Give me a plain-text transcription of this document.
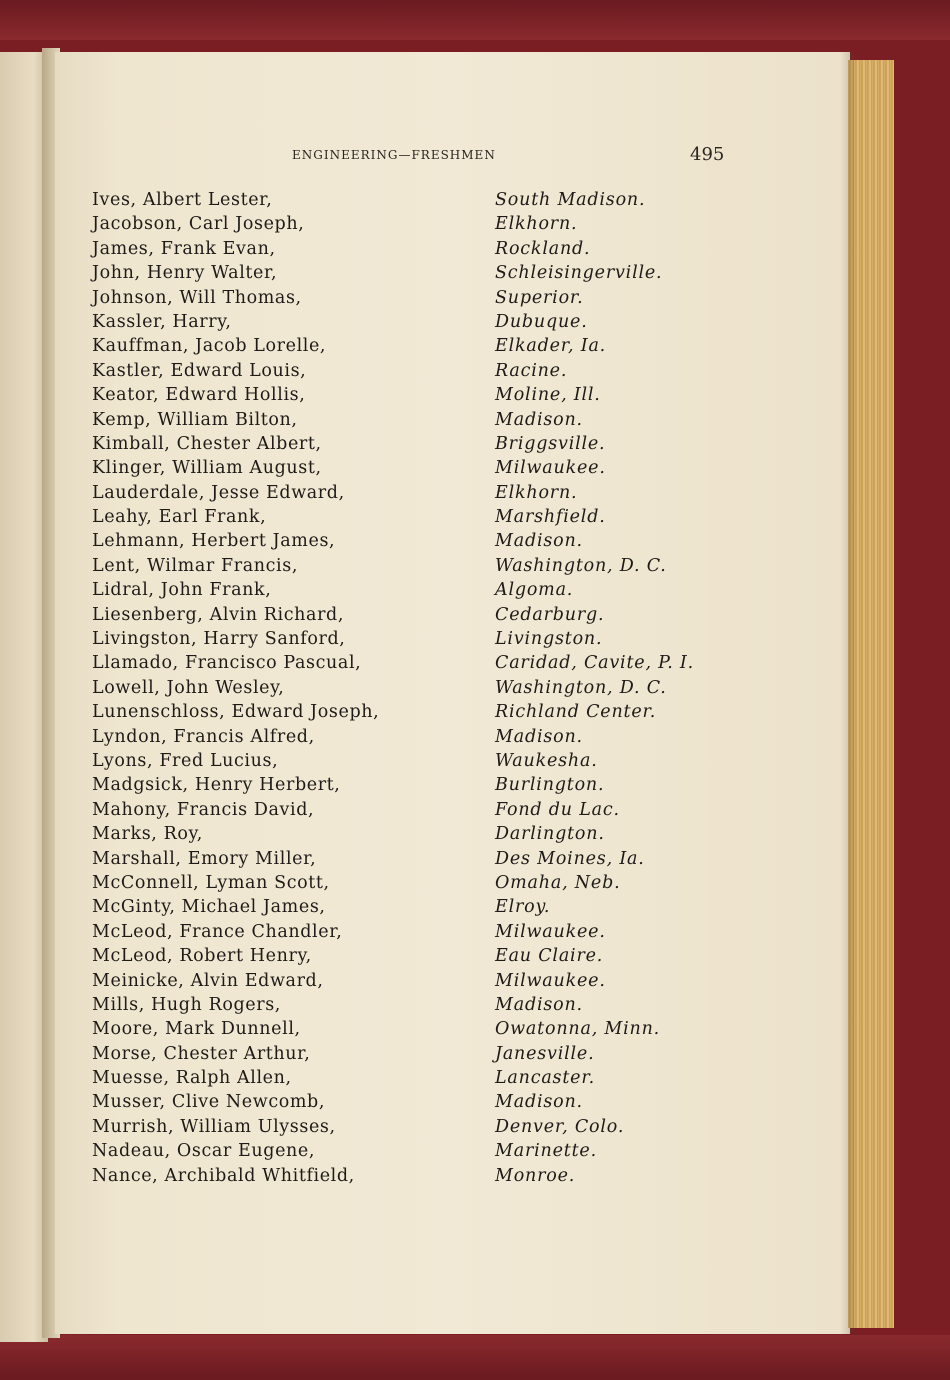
ENGINEERING—FRESHMEN	495
Ives, Albert Lester,	South Madison.
Jacobson, Carl Joseph,	Elkhorn.
James, Frank Evan,	Rockland.
John, Henry Walter,	Schleisingerville.
Johnson, Will Thomas,	Superior.
Kassler, Harry,	Dubuque.
Kauffman, Jacob Lorelle,	Elkader, Ia.
Kastler, Edward Louis,	Racine.
Keator, Edward Hollis,	Moline, Ill.
Kemp, William Bilton,	Madison.
Kimball, Chester Albert,	Briggsville.
Klinger, William August,	Milwaukee.
Lauderdale, Jesse Edward,	Elkhorn.
Leahy, Earl Frank,	Marshfield.
Lehmann, Herbert James,	Madison.
Lent, Wilmar Francis,	Washington, D. C.
Lidral, John Frank,	Algoma.
Liesenberg, Alvin Richard,	Cedarburg.
Livingston, Harry Sanford,	Livingston.
Llamado, Francisco Pascual,	Caridad, Cavite, P. I.
Lowell, John Wesley,	Washington, D. C.
Lunenschloss, Edward Joseph,	Richland Center.
Lyndon, Francis Alfred,	Madison.
Lyons, Fred Lucius,	Waukesha.
Madgsick, Henry Herbert,	Burlington.
Mahony, Francis David,	Fond du Lac.
Marks, Roy,	Darlington.
Marshall, Emory Miller,	Des Moines, Ia.
McConnell, Lyman Scott,	Omaha, Neb.
McGinty, Michael James,	Elroy.
McLeod, France Chandler,	Milwaukee.
McLeod, Robert Henry,	Eau Claire.
Meinicke, Alvin Edward,	Milwaukee.
Mills, Hugh Rogers,	Madison.
Moore, Mark Dunnell,	Owatonna, Minn.
Morse, Chester Arthur,	Janesville.
Muesse, Ralph Allen,	Lancaster.
Musser, Clive Newcomb,	Madison.
Murrish, William Ulysses,	Denver, Colo.
Nadeau, Oscar Eugene,	Marinette.
Nance, Archibald Whitfield,	Monroe.
